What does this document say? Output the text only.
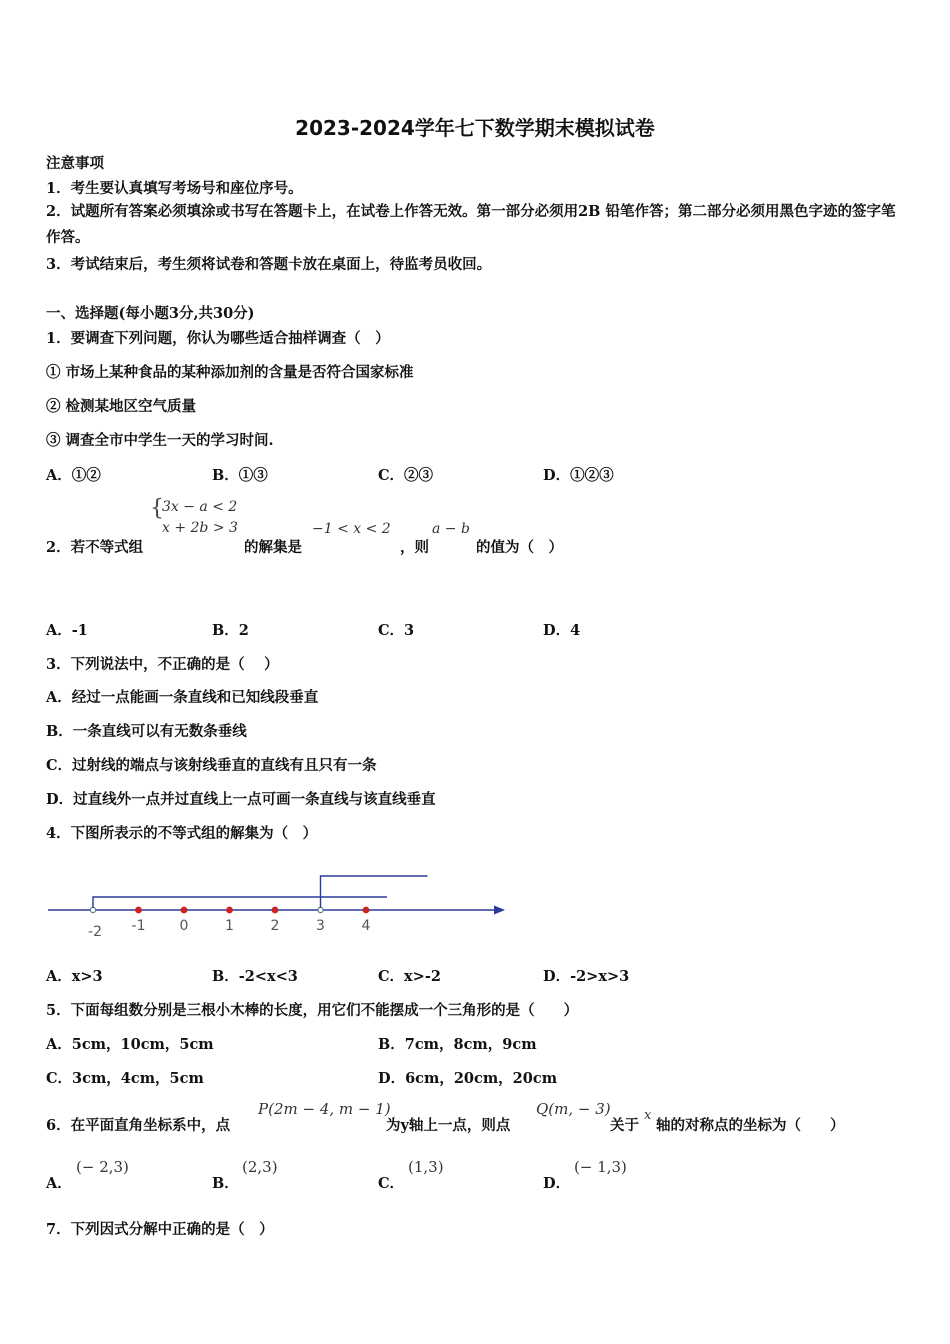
2023-2024学年七下数学期末模拟试卷
注意事项
1．考生要认真填写考场号和座位序号。
2．试题所有答案必须填涂或书写在答题卡上，在试卷上作答无效。第一部分必须用2B 铅笔作答；第二部分必须用黑色字迹的签字笔作答。
3．考试结束后，考生须将试卷和答题卡放在桌面上，待监考员收回。
一、选择题(每小题3分,共30分)
1．要调查下列问题，你认为哪些适合抽样调查（　）
① 市场上某种食品的某种添加剂的含量是否符合国家标准
② 检测某地区空气质量
③ 调查全市中学生一天的学习时间.
A．①②	B．①③	C．②③	D．①②③
2．若不等式组
{
3x − a < 2
x + 2b > 3
的解集是
−1 < x < 2
，则
a − b
的值为（　）
A．-1	B．2	C．3	D．4
3．下列说法中，不正确的是（　 ）
A．经过一点能画一条直线和已知线段垂直
B．一条直线可以有无数条垂线
C．过射线的端点与该射线垂直的直线有且只有一条
D．过直线外一点并过直线上一点可画一条直线与该直线垂直
4．下图所表示的不等式组的解集为（　）
-2 -1 0	1	2	3	4
A．x>3	B．-2<x<3	C．x>-2	D．-2>x>3
5．下面每组数分别是三根小木棒的长度，用它们不能摆成一个三角形的是（　　）
A．5cm，10cm，5cm	B．7cm，8cm，9cm
C．3cm，4cm，5cm	D．6cm，20cm，20cm
6．在平面直角坐标系中，点
P(2m − 4, m − 1)
为y轴上一点，则点
Q(m, − 3)
关于
x
轴的对称点的坐标为（　　）
A．
(− 2,3)
B．
(2,3)
C．
(1,3)
D．
(− 1,3)
7．下列因式分解中正确的是（　）
